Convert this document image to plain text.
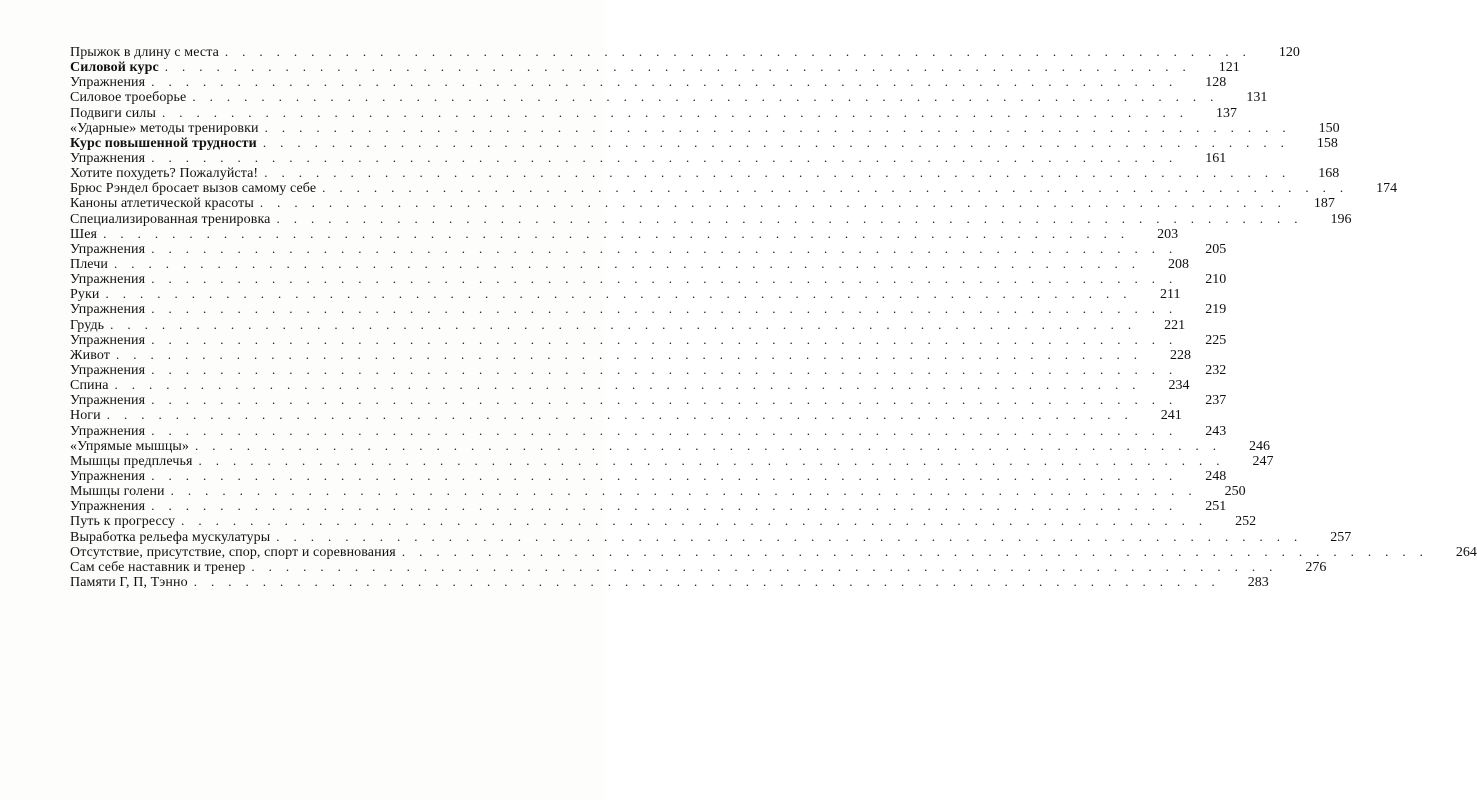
Прыжок в длину с места ............................................................	120
Силовой курс ............................................................	121
Упражнения ............................................................	128
Силовое троеборье ............................................................	131
Подвиги силы ............................................................	137
«Ударные» методы тренировки ............................................................	150
Курс повышенной трудности ............................................................	158
Упражнения ............................................................	161
Хотите похудеть? Пожалуйста! ............................................................	168
Брюс Рэндел бросает вызов самому себе ............................................................	174
Каноны атлетической красоты ............................................................	187
Специализированная тренировка ............................................................	196
Шея ............................................................	203
Упражнения ............................................................	205
Плечи ............................................................	208
Упражнения ............................................................	210
Руки ............................................................	211
Упражнения ............................................................	219
Грудь ............................................................	221
Упражнения ............................................................	225
Живот ............................................................	228
Упражнения ............................................................	232
Спина ............................................................	234
Упражнения ............................................................	237
Ноги ............................................................	241
Упражнения ............................................................	243
«Упрямые мышцы» ............................................................	246
Мышцы предплечья ............................................................	247
Упражнения ............................................................	248
Мышцы голени ............................................................	250
Упражнения ............................................................	251
Путь к прогрессу ............................................................	252
Выработка рельефа мускулатуры ............................................................	257
Отсутствие, присутствие, спор, спорт и соревнования ............................................................	264
Сам себе наставник и тренер ............................................................	276
Памяти Г, П, Тэнно ............................................................	283
